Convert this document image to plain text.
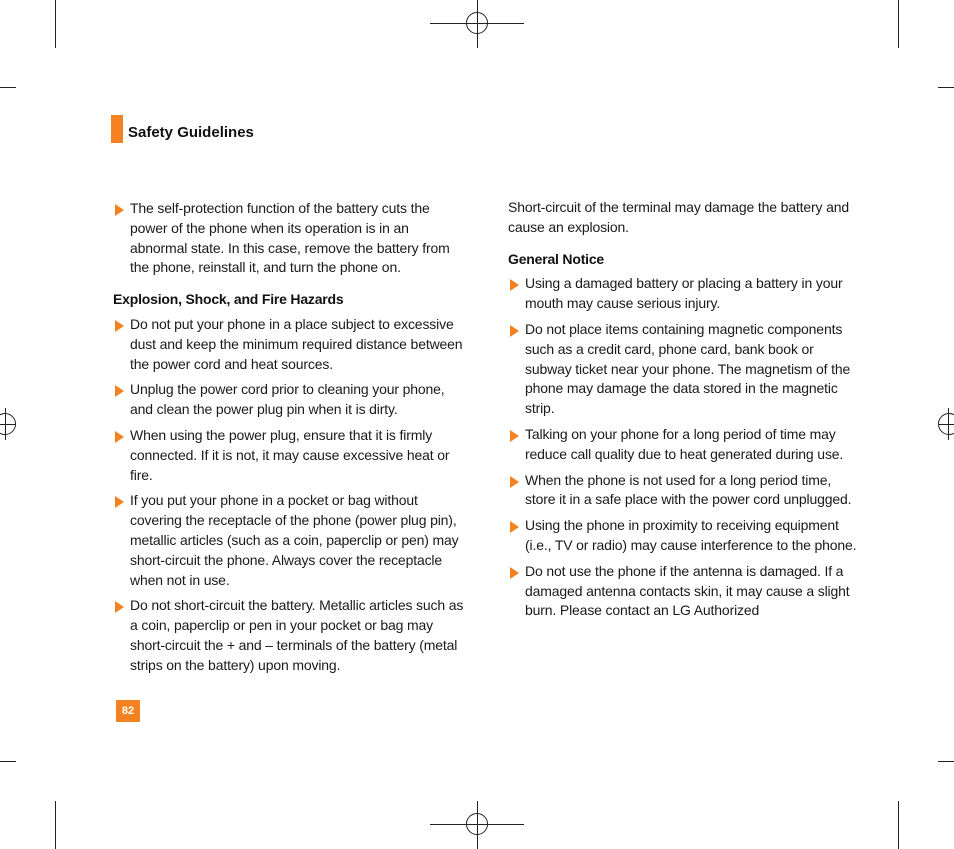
Safety Guidelines
The self-protection function of the battery cuts the power of the phone when its operation is in an abnormal state. In this case, remove the battery from the phone, reinstall it, and turn the phone on.
Explosion, Shock, and Fire Hazards
Do not put your phone in a place subject to excessive dust and keep the minimum required distance between the power cord and heat sources.
Unplug the power cord prior to cleaning your phone, and clean the power plug pin when it is dirty.
When using the power plug, ensure that it is firmly connected. If it is not, it may cause excessive heat or fire.
If you put your phone in a pocket or bag without covering the receptacle of the phone (power plug pin), metallic articles (such as a coin, paperclip or pen) may short-circuit the phone. Always cover the receptacle when not in use.
Do not short-circuit the battery. Metallic articles such as a coin, paperclip or pen in your pocket or bag may short-circuit the + and – terminals of the battery (metal strips on the battery) upon moving.
Short-circuit of the terminal may damage the battery and cause an explosion.
General Notice
Using a damaged battery or placing a battery in your mouth may cause serious injury.
Do not place items containing magnetic components such as a credit card, phone card, bank book or subway ticket near your phone. The magnetism of the phone may damage the data stored in the magnetic strip.
Talking on your phone for a long period of time may reduce call quality due to heat generated during use.
When the phone is not used for a long period time, store it in a safe place with the power cord unplugged.
Using the phone in proximity to receiving equipment (i.e., TV or radio) may cause interference to the phone.
Do not use the phone if the antenna is damaged. If a damaged antenna contacts skin, it may cause a slight burn. Please contact an LG Authorized
82
